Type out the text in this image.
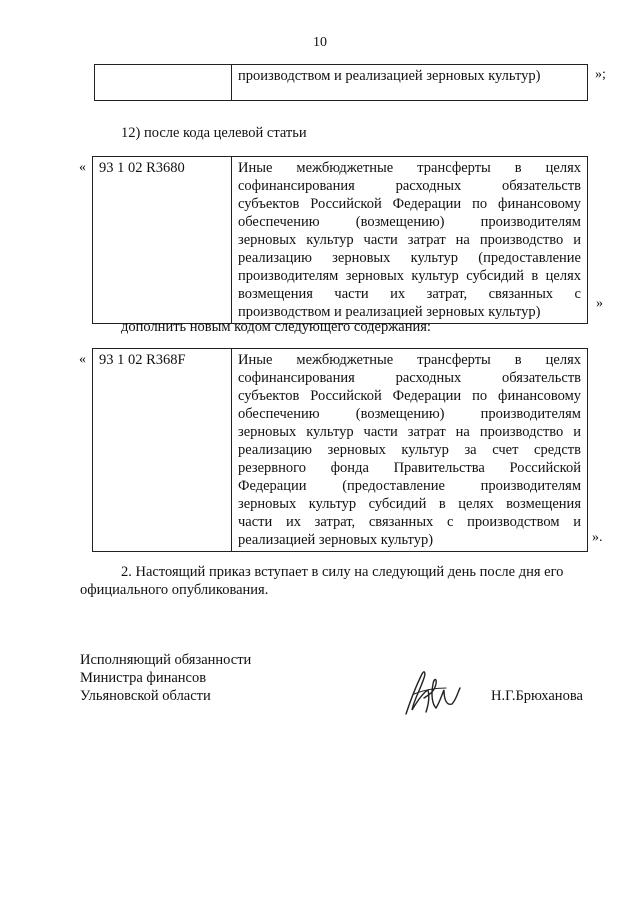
10
	производством и реализацией зерновых культур)	»;
12) после кода целевой статьи
« 93 1 02 R3680	Иные межбюджетные трансферты в целях
софинансирования расходных обязательств
субъектов Российской Федерации по финансовому
обеспечению (возмещению) производителям
зерновых культур части затрат на производство и
реализацию зерновых культур (предоставление
производителям зерновых культур субсидий в целях
возмещения части их затрат, связанных с
производством и реализацией зерновых культур)
»
дополнить новым кодом следующего содержания:
« 93 1 02 R368F	Иные межбюджетные трансферты в целях
софинансирования расходных обязательств
субъектов Российской Федерации по финансовому
обеспечению (возмещению) производителям
зерновых культур части затрат на производство и
реализацию зерновых культур за счет средств
резервного фонда Правительства Российской
Федерации (предоставление производителям
зерновых культур субсидий в целях возмещения
части их затрат, связанных с производством и
реализацией зерновых культур)	».
2. Настоящий приказ вступает в силу на следующий день после дня его
официального опубликования.
Исполняющий обязанности
Министра финансов
Ульяновской области	Н.Г.Брюханова
